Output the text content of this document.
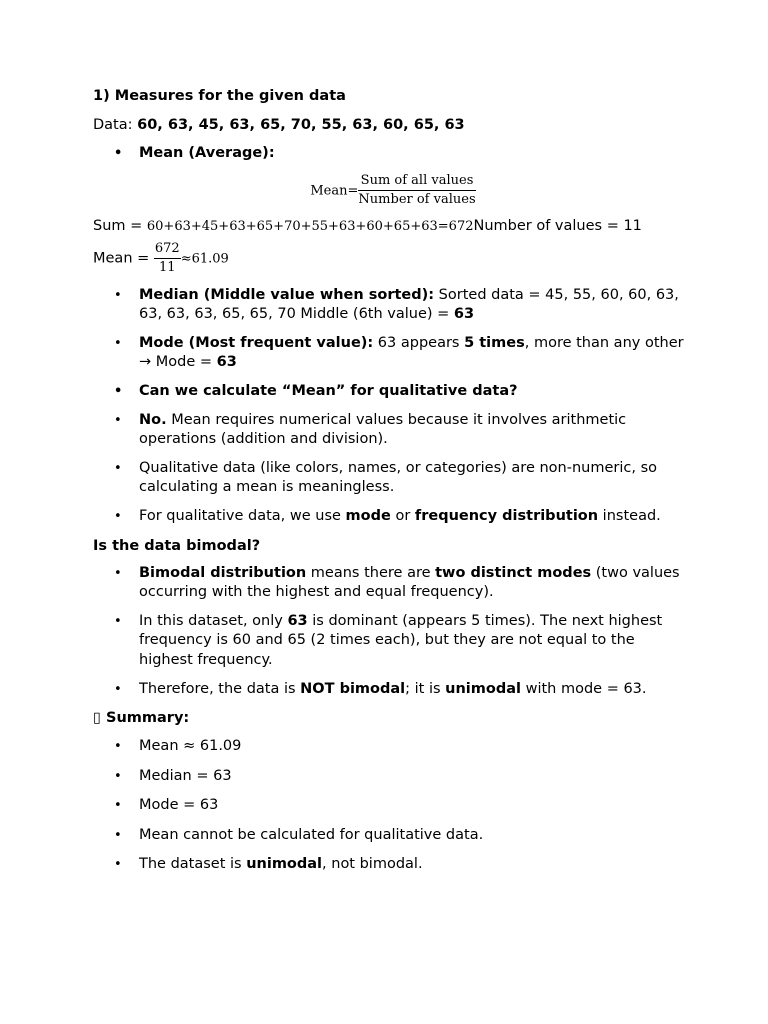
1) Measures for the given data

Data: 60, 63, 45, 63, 65, 70, 55, 63, 60, 65, 63

• Mean (Average):
Mean= $\frac{\text{Sum of all values}}{\text{Number of values}}$

Sum = 60+63+45+63+65+70+55+63+60+65+63=672Number of values = 11

Mean = $\frac{672}{11} \approx 61.09$

• Median (Middle value when sorted): Sorted data = 45, 55, 60, 60, 63, 63, 63, 63, 65, 65, 70 Middle (6th value) = 63
• Mode (Most frequent value): 63 appears 5 times, more than any other → Mode = 63
• Can we calculate “Mean” for qualitative data?
• No. Mean requires numerical values because it involves arithmetic operations (addition and division).
• Qualitative data (like colors, names, or categories) are non-numeric, so calculating a mean is meaningless.
• For qualitative data, we use mode or frequency distribution instead.

Is the data bimodal?

• Bimodal distribution means there are two distinct modes (two values occurring with the highest and equal frequency).
• In this dataset, only 63 is dominant (appears 5 times). The next highest frequency is 60 and 65 (2 times each), but they are not equal to the highest frequency.
• Therefore, the data is NOT bimodal; it is unimodal with mode = 63.

▯ Summary:

• Mean ≈ 61.09
• Median = 63
• Mode = 63
• Mean cannot be calculated for qualitative data.
• The dataset is unimodal, not bimodal.
